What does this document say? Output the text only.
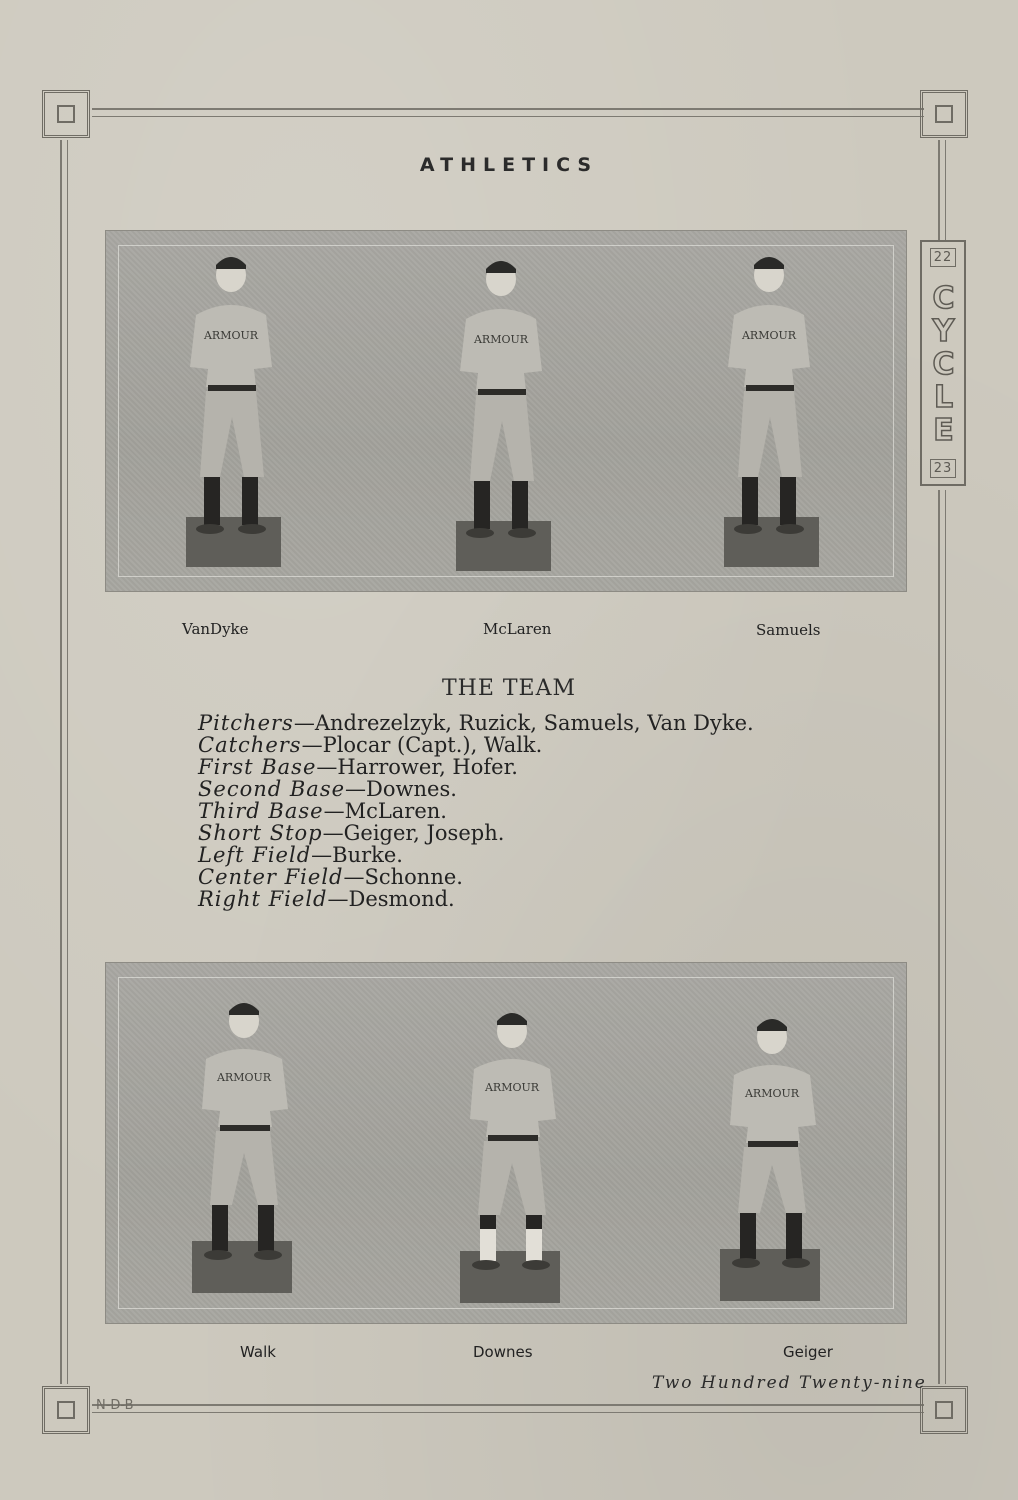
22
CYCLE
23
N-D-B
ATHLETICS
ARMOUR	ARMOUR	ARMOUR
VanDyke	McLaren	Samuels
THE TEAM
Pitchers—Andrezelzyk, Ruzick, Samuels, Van Dyke.
Catchers—Plocar (Capt.), Walk.
First Base—Harrower, Hofer.
Second Base—Downes.
Third Base—McLaren.
Short Stop—Geiger, Joseph.
Left Field—Burke.
Center Field—Schonne.
Right Field—Desmond.
ARMOUR
ARMOUR	ARMOUR
Walk	Downes	Geiger
Two Hundred Twenty-nine
